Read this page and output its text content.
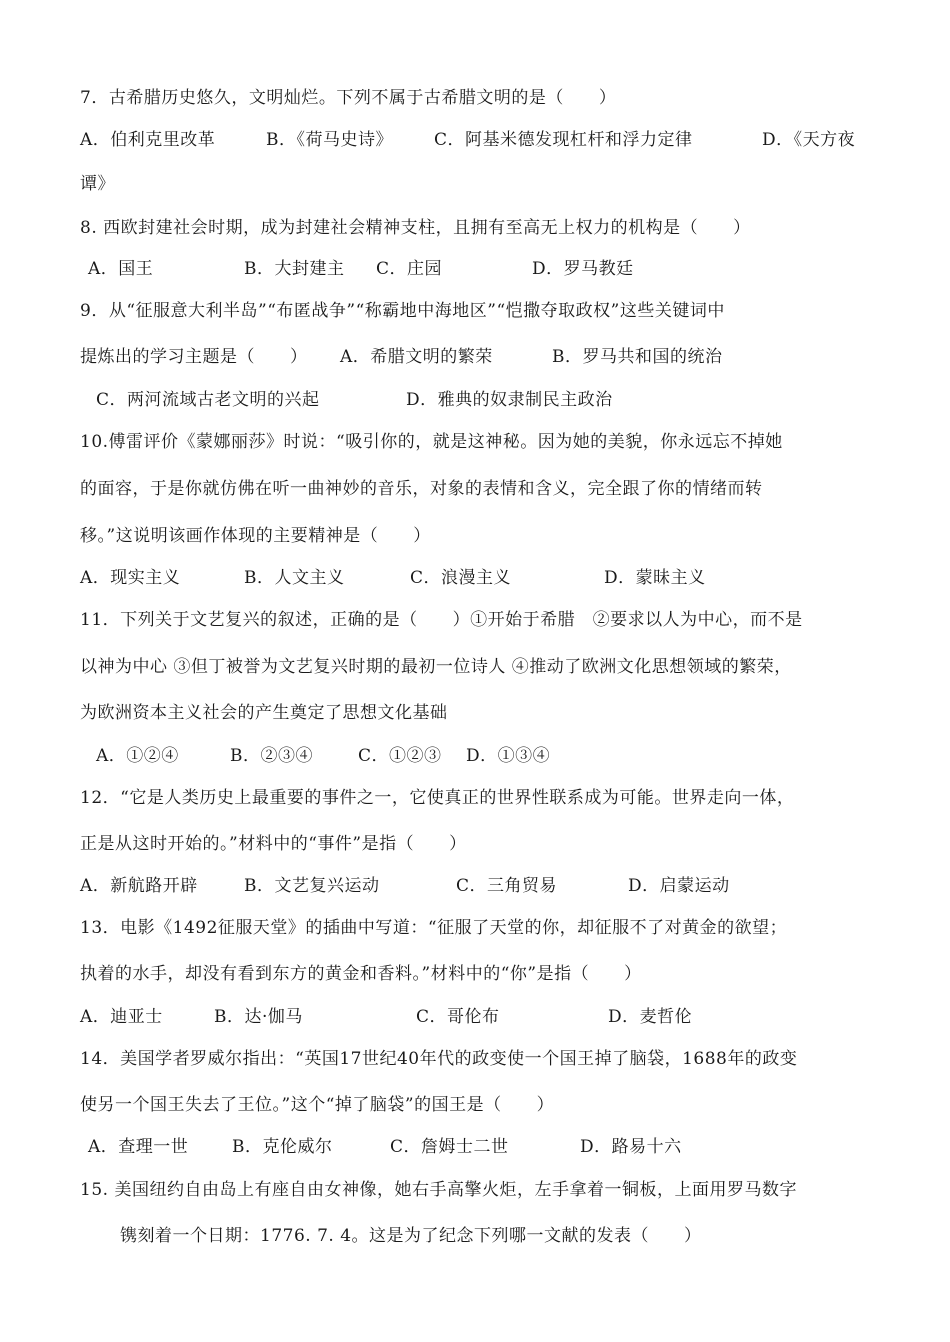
7．古希腊历史悠久，文明灿烂。下列不属于古希腊文明的是（　　）
A．伯利克里改革	B．《荷马史诗》 C．阿基米德发现杠杆和浮力定律	D．《天方夜
谭》
8. 西欧封建社会时期，成为封建社会精神支柱，且拥有至高无上权力的机构是（　　）
A．国王	B．大封建主 C．庄园	D．罗马教廷
9．从“征服意大利半岛”“布匿战争”“称霸地中海地区”“恺撒夺取政权”这些关键词中
提炼出的学习主题是（　　） A．希腊文明的繁荣	B．罗马共和国的统治
C．两河流域古老文明的兴起	D．雅典的奴隶制民主政治
10.傅雷评价《蒙娜丽莎》时说：“吸引你的，就是这神秘。因为她的美貌，你永远忘不掉她
的面容，于是你就仿佛在听一曲神妙的音乐，对象的表情和含义，完全跟了你的情绪而转
移。”这说明该画作体现的主要精神是（　　）
A．现实主义	B．人文主义	C．浪漫主义	D．蒙昧主义
11．下列关于文艺复兴的叙述，正确的是（　　）①开始于希腊　②要求以人为中心，而不是
以神为中心 ③但丁被誉为文艺复兴时期的最初一位诗人 ④推动了欧洲文化思想领域的繁荣，
为欧洲资本主义社会的产生奠定了思想文化基础
A．①②④	B．②③④	C．①②③ D．①③④
12．“它是人类历史上最重要的事件之一，它使真正的世界性联系成为可能。世界走向一体，
正是从这时开始的。”材料中的“事件”是指（　　）
A．新航路开辟	B．文艺复兴运动	C．三角贸易	D．启蒙运动
13．电影《1492征服天堂》的插曲中写道：“征服了天堂的你，却征服不了对黄金的欲望；
执着的水手，却没有看到东方的黄金和香料。”材料中的“你”是指（　　）
A．迪亚士	B．达·伽马	C．哥伦布	D．麦哲伦
14．美国学者罗威尔指出：“英国17世纪40年代的政变使一个国王掉了脑袋，1688年的政变
使另一个国王失去了王位。”这个“掉了脑袋”的国王是（　　）
A．查理一世	B．克伦威尔	C．詹姆士二世	D．路易十六
15. 美国纽约自由岛上有座自由女神像，她右手高擎火炬，左手拿着一铜板，上面用罗马数字
镌刻着一个日期：1776. 7. 4。这是为了纪念下列哪一文献的发表（　　）
